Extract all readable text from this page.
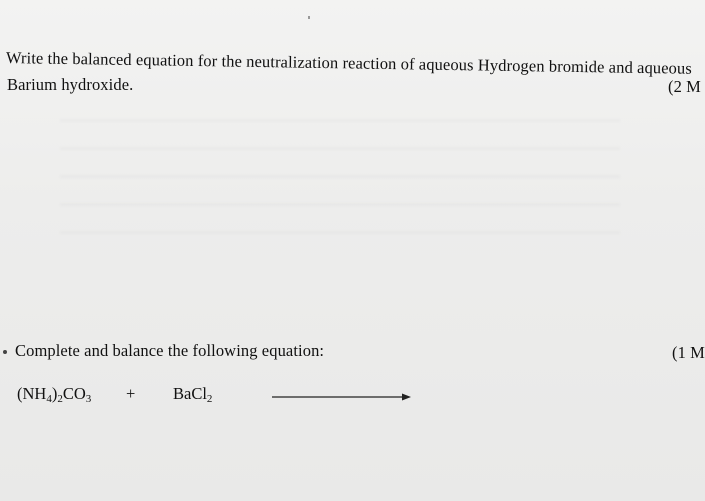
Write the balanced equation for the neutralization reaction of aqueous Hydrogen bromide and aqueous
Barium hydroxide.	(2 M
Complete and balance the following equation:	(1 M
$(NH_4)_2CO_3$ + BaCl$_2$
